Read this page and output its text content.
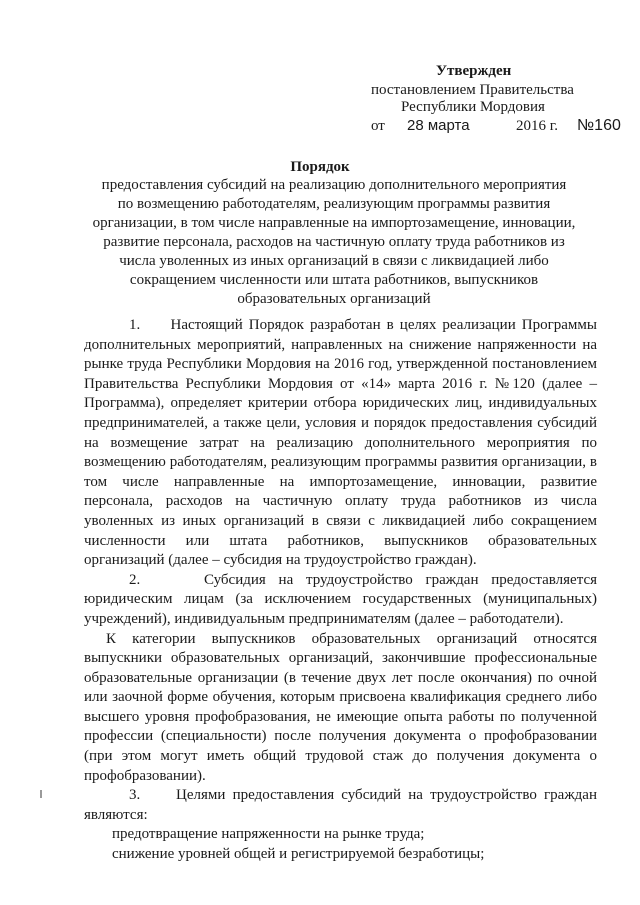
Утвержден
постановлением Правительства
Республики Мордовия
от 28 марта	2016 г. №160
Порядок
предоставления субсидий на реализацию дополнительного мероприятия
по возмещению работодателям, реализующим программы развития
организации, в том числе направленные на импортозамещение, инновации,
развитие персонала, расходов на частичную оплату труда работников из
числа уволенных из иных организаций в связи с ликвидацией либо
сокращением численности или штата работников, выпускников
образовательных организаций

1.     Настоящий Порядок разработан в целях реализации Программы дополнительных мероприятий, направленных на снижение напряженности на рынке труда Республики Мордовия на 2016 год, утвержденной постановлением Правительства Республики Мордовия от «14» марта 2016 г. №120 (далее – Программа), определяет критерии отбора юридических лиц, индивидуальных предпринимателей, а также цели, условия и порядок предоставления субсидий на возмещение затрат на реализацию дополнительного мероприятия по возмещению работодателям, реализующим программы развития организации, в том числе направленные на импортозамещение, инновации, развитие персонала, расходов на частичную оплату труда работников из числа уволенных из иных организаций в связи с ликвидацией либо сокращением численности или штата работников, выпускников образовательных организаций (далее – субсидия на трудоустройство граждан).

2.     Субсидия на трудоустройство граждан предоставляется юридическим лицам (за исключением государственных (муниципальных) учреждений), индивидуальным предпринимателям (далее – работодатели).

К категории выпускников образовательных организаций относятся выпускники образовательных организаций, закончившие профессиональные образовательные организации (в течение двух лет после окончания) по очной или заочной форме обучения, которым присвоена квалификация среднего либо высшего уровня профобразования, не имеющие опыта работы по полученной профессии (специальности) после получения документа о профобразовании (при этом могут иметь общий трудовой стаж до получения документа о профобразовании).

3.     Целями предоставления субсидий на трудоустройство граждан являются:

предотвращение напряженности на рынке труда;

снижение уровней общей и регистрируемой безработицы;
